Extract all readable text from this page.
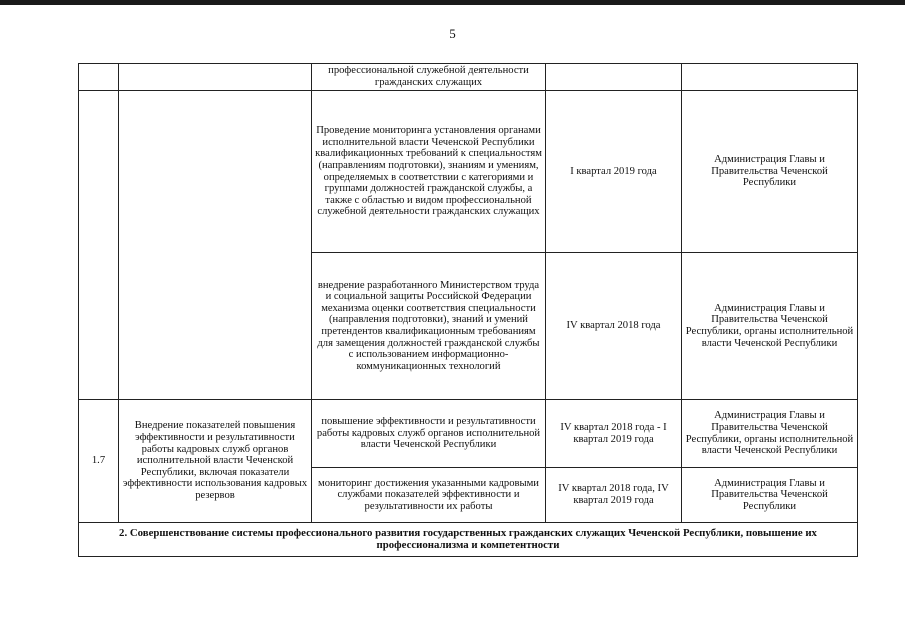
5
		профессиональной служебной деятельности гражданских служащих		
		Проведение мониторинга установления органами исполнительной власти Чеченской Республики квалификационных требований к специальностям (направлениям подготовки), знаниям и умениям, определяемых в соответствии с категориями и группами должностей гражданской службы, а также с областью и видом профессиональной служебной деятельности гражданских служащих	I квартал 2019 года	Администрация Главы и Правительства Чеченской Республики
		внедрение разработанного Министерством труда и социальной защиты Российской Федерации механизма оценки соответствия специальности (направления подготовки), знаний и умений претендентов квалификационным требованиям для замещения должностей гражданской службы с использованием информационно-коммуникационных технологий	IV квартал 2018 года	Администрация Главы и Правительства Чеченской Республики, органы исполнительной власти Чеченской Республики
1.7	Внедрение показателей повышения эффективности и результативности работы кадровых служб органов исполнительной власти Чеченской Республики, включая показатели эффективности использования кадровых резервов	повышение эффективности и результативности работы кадровых служб органов исполнительной власти Чеченской Республики	IV квартал 2018 года - I квартал 2019 года	Администрация Главы и Правительства Чеченской Республики, органы исполнительной власти Чеченской Республики
		мониторинг достижения указанными кадровыми службами показателей эффективности и результативности их работы	IV квартал 2018 года, IV квартал 2019 года	Администрация Главы и Правительства Чеченской Республики
2. Совершенствование системы профессионального развития государственных гражданских служащих Чеченской Республики, повышение их профессионализма и компетентности				
